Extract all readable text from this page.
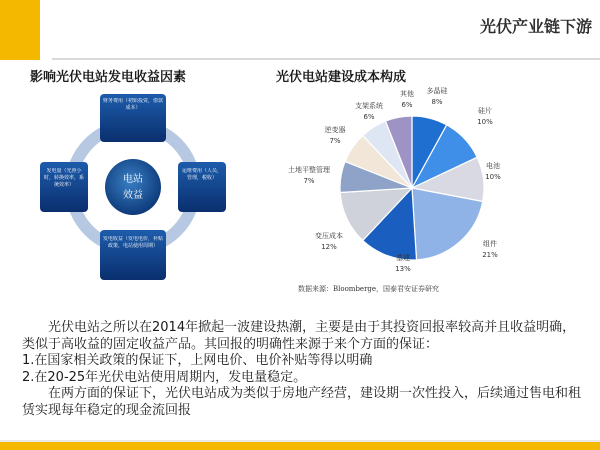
光伏产业链下游
影响光伏电站发电收益因素	光伏电站建设成本构成
电站
效益
财务费用（初始投资，借款成本）
运维费用（人员，管理，税收）
发电收益（发电电价，补贴政策，电站使用周期）
发电量（光照小时，转换效率，系统效率）
多晶硅
8%
硅片
10%
电池
10%
组件
21%
基建
13%
变压成本
12%
土地平整管理
7%
逆变器
7%
支架系统
6%
其他
6%
数据来源：Bloomberge，国泰君安证券研究

光伏电站之所以在2014年掀起一波建设热潮，主要是由于其投资回报率较高并且收益明确，类似于高收益的固定收益产品。其回报的明确性来源于来个方面的保证：

1.在国家相关政策的保证下，上网电价、电价补贴等得以明确

2.在20-25年光伏电站使用周期内，发电量稳定。

在两方面的保证下，光伏电站成为类似于房地产经营，建设期一次性投入，后续通过售电和租赁实现每年稳定的现金流回报
